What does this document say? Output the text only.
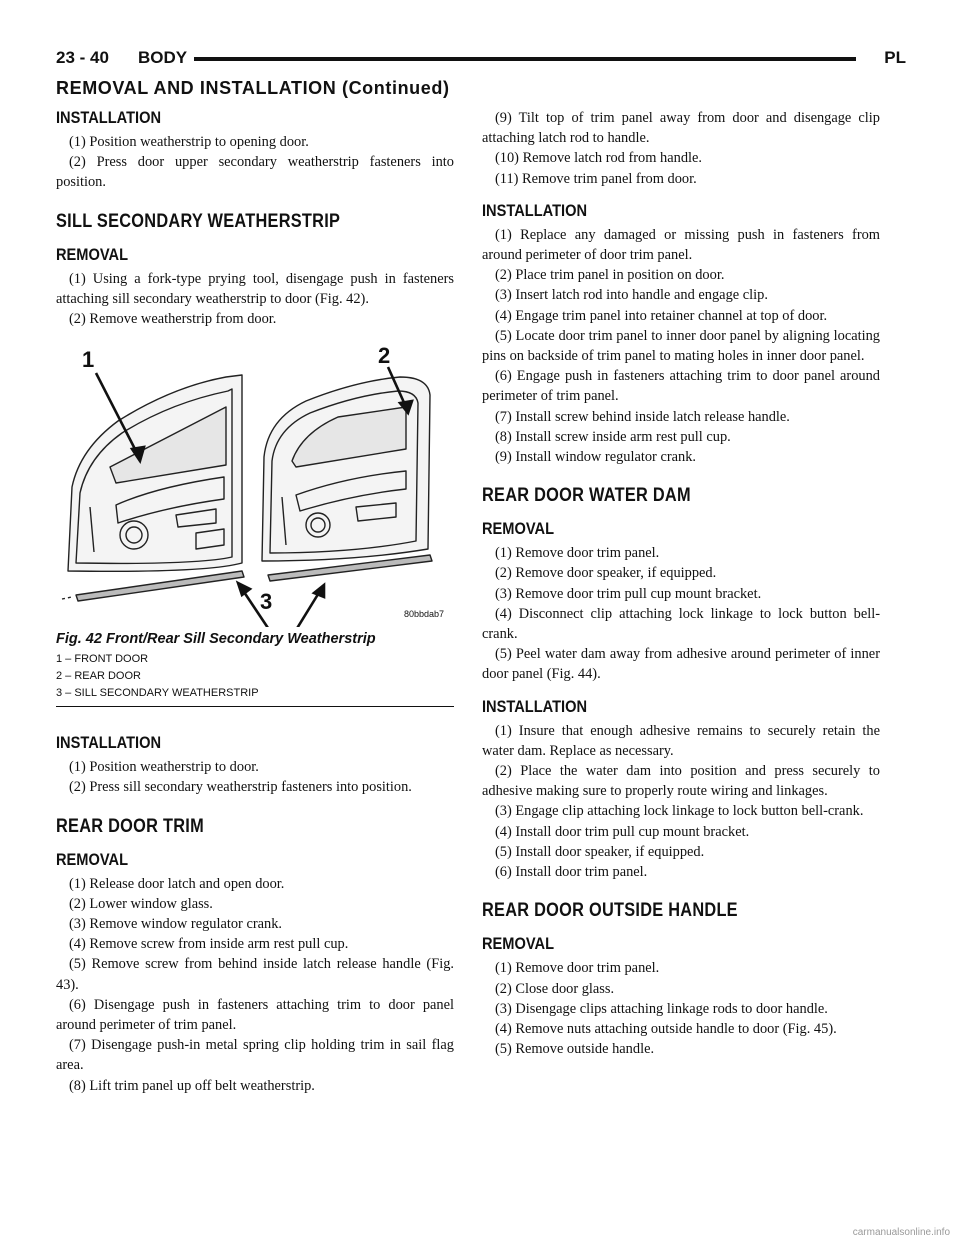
23 - 40 BODY	PL
REMOVAL AND INSTALLATION (Continued)
INSTALLATION

(1) Position weatherstrip to opening door.

(2) Press door upper secondary weatherstrip fasteners into position.

SILL SECONDARY WEATHERSTRIP
REMOVAL

(1) Using a fork-type prying tool, disengage push in fasteners attaching sill secondary weatherstrip to door (Fig. 42).

(2) Remove weatherstrip from door.

1	2
3	80bbdab7
Fig. 42 Front/Rear Sill Secondary Weatherstrip
1 – FRONT DOOR
2 – REAR DOOR
3 – SILL SECONDARY WEATHERSTRIP
INSTALLATION

(1) Position weatherstrip to door.

(2) Press sill secondary weatherstrip fasteners into position.

REAR DOOR TRIM
REMOVAL

(1) Release door latch and open door.

(2) Lower window glass.

(3) Remove window regulator crank.

(4) Remove screw from inside arm rest pull cup.

(5) Remove screw from behind inside latch release handle (Fig. 43).

(6) Disengage push in fasteners attaching trim to door panel around perimeter of trim panel.

(7) Disengage push-in metal spring clip holding trim in sail flag area.

(8) Lift trim panel up off belt weatherstrip.

(9) Tilt top of trim panel away from door and disengage clip attaching latch rod to handle.

(10) Remove latch rod from handle.

(11) Remove trim panel from door.

INSTALLATION

(1) Replace any damaged or missing push in fasteners from around perimeter of door trim panel.

(2) Place trim panel in position on door.

(3) Insert latch rod into handle and engage clip.

(4) Engage trim panel into retainer channel at top of door.

(5) Locate door trim panel to inner door panel by aligning locating pins on backside of trim panel to mating holes in inner door panel.

(6) Engage push in fasteners attaching trim to door panel around perimeter of trim panel.

(7) Install screw behind inside latch release handle.

(8) Install screw inside arm rest pull cup.

(9) Install window regulator crank.

REAR DOOR WATER DAM
REMOVAL

(1) Remove door trim panel.

(2) Remove door speaker, if equipped.

(3) Remove door trim pull cup mount bracket.

(4) Disconnect clip attaching lock linkage to lock button bell-crank.

(5) Peel water dam away from adhesive around perimeter of inner door panel (Fig. 44).

INSTALLATION

(1) Insure that enough adhesive remains to securely retain the water dam. Replace as necessary.

(2) Place the water dam into position and press securely to adhesive making sure to properly route wiring and linkages.

(3) Engage clip attaching lock linkage to lock button bell-crank.

(4) Install door trim pull cup mount bracket.

(5) Install door speaker, if equipped.

(6) Install door trim panel.

REAR DOOR OUTSIDE HANDLE
REMOVAL

(1) Remove door trim panel.

(2) Close door glass.

(3) Disengage clips attaching linkage rods to door handle.

(4) Remove nuts attaching outside handle to door (Fig. 45).

(5) Remove outside handle.

carmanualsonline.info
